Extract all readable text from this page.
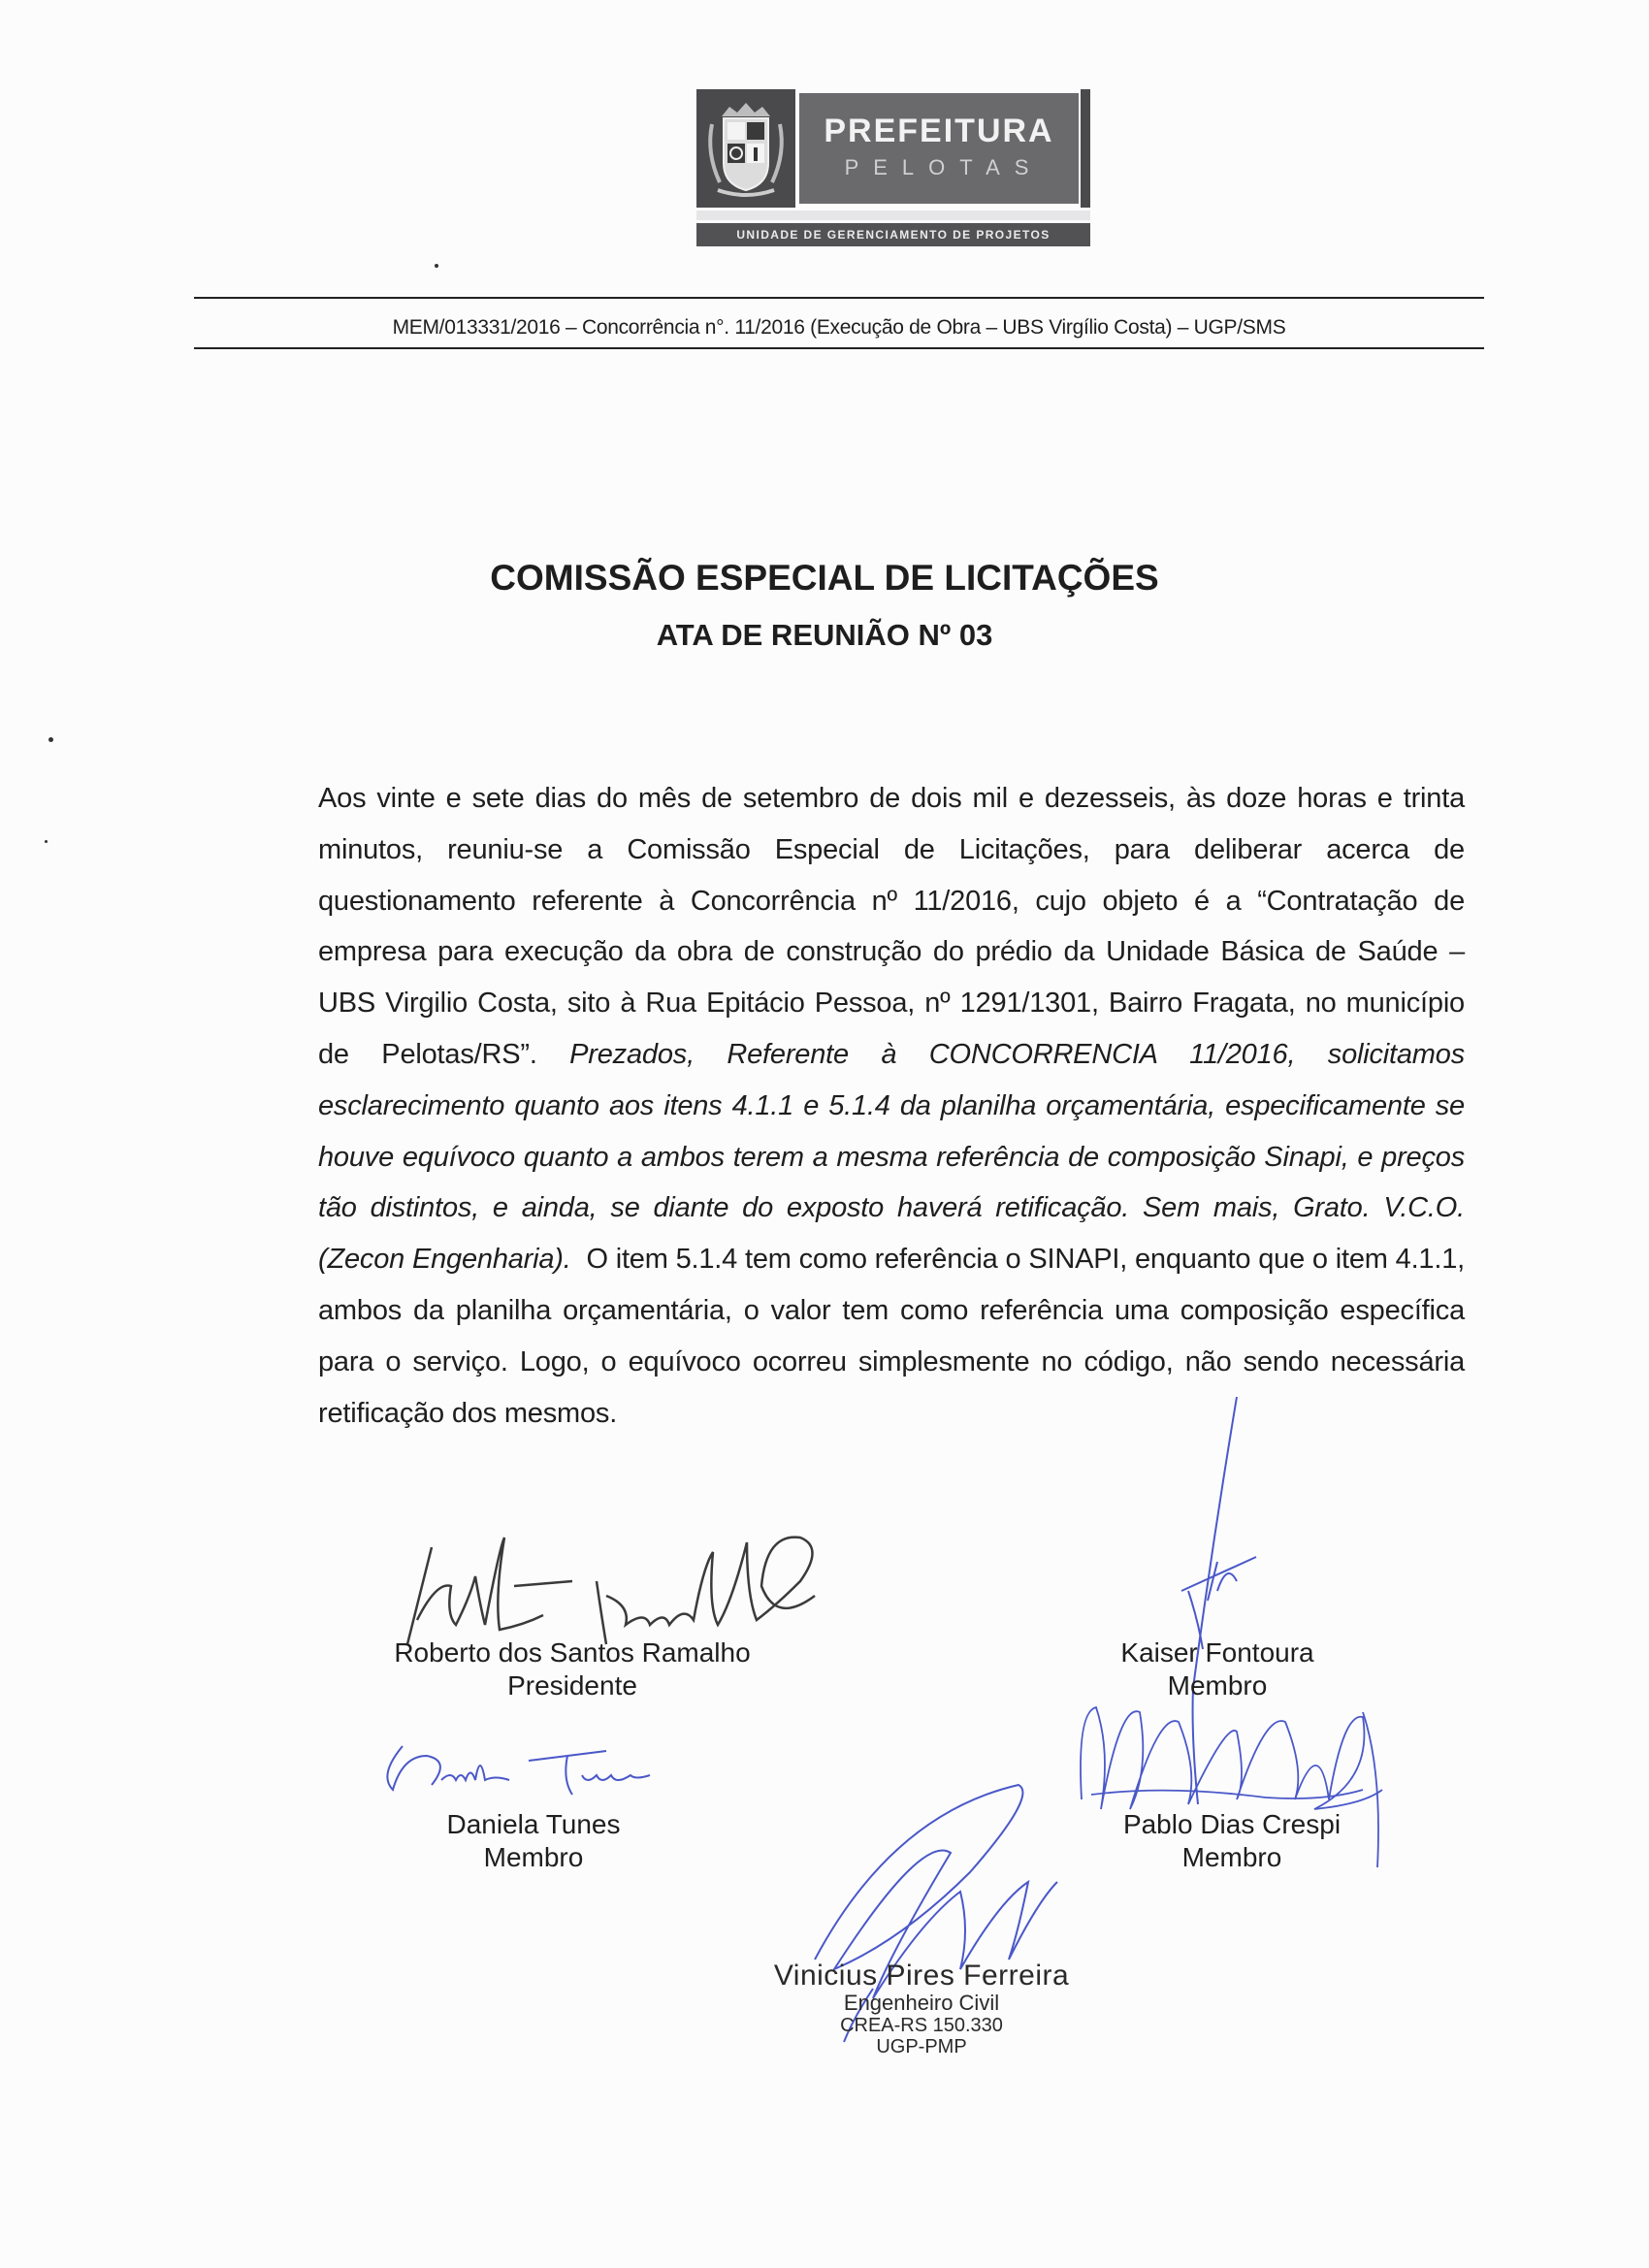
PREFEITURA
PELOTAS
UNIDADE DE GERENCIAMENTO DE PROJETOS
MEM/013331/2016 – Concorrência n°. 11/2016 (Execução de Obra – UBS Virgílio Costa) – UGP/SMS
COMISSÃO ESPECIAL DE LICITAÇÕES
ATA DE REUNIÃO Nº 03
Aos vinte e sete dias do mês de setembro de dois mil e dezesseis, às doze horas e trinta minutos, reuniu-se a Comissão Especial de Licitações, para deliberar acerca de questionamento referente à Concorrência nº 11/2016, cujo objeto é a “Contratação de empresa para execução da obra de construção do prédio da Unidade Básica de Saúde – UBS Virgilio Costa, sito à Rua Epitácio Pessoa, nº 1291/1301, Bairro Fragata, no município de Pelotas/RS”. Prezados, Referente à CONCORRENCIA 11/2016, solicitamos esclarecimento quanto aos itens 4.1.1 e 5.1.4 da planilha orçamentária, especificamente se houve equívoco quanto a ambos terem a mesma referência de composição Sinapi, e preços tão distintos, e ainda, se diante do exposto haverá retificação. Sem mais, Grato. V.C.O. (Zecon Engenharia). O item 5.1.4 tem como referência o SINAPI, enquanto que o item 4.1.1, ambos da planilha orçamentária, o valor tem como referência uma composição específica para o serviço. Logo, o equívoco ocorreu simplesmente no código, não sendo necessária retificação dos mesmos.
Roberto dos Santos Ramalho
Presidente
Kaiser Fontoura
Membro
Daniela Tunes
Membro
Pablo Dias Crespi
Membro
Vinicius Pires Ferreira
Engenheiro Civil
CREA-RS 150.330
UGP-PMP
